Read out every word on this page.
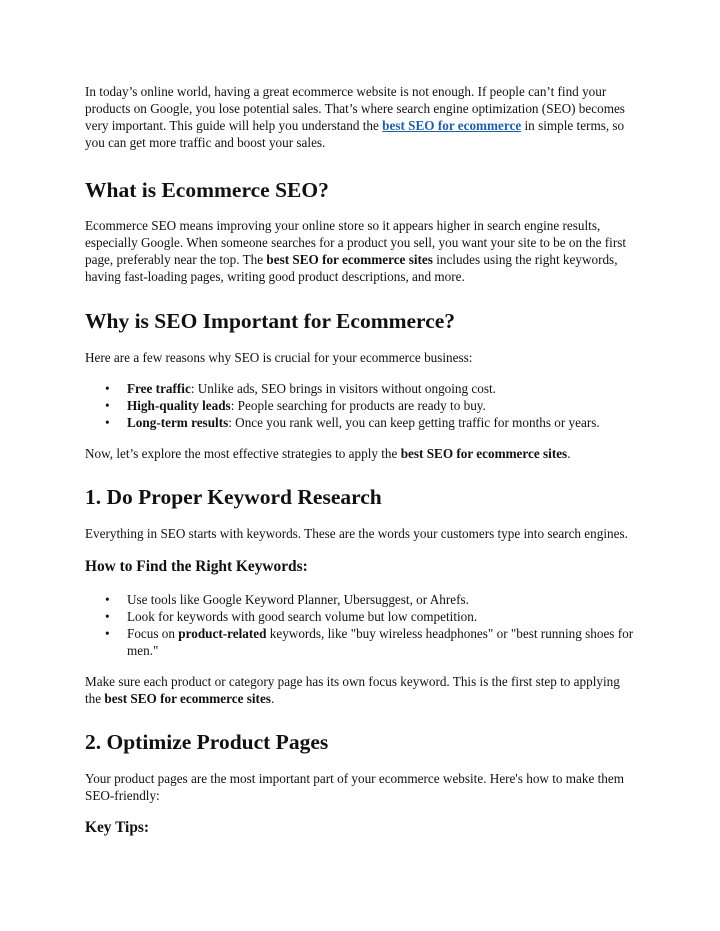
In today’s online world, having a great ecommerce website is not enough. If people can’t find your products on Google, you lose potential sales. That’s where search engine optimization (SEO) becomes very important. This guide will help you understand the best SEO for ecommerce in simple terms, so you can get more traffic and boost your sales.

What is Ecommerce SEO?

Ecommerce SEO means improving your online store so it appears higher in search engine results, especially Google. When someone searches for a product you sell, you want your site to be on the first page, preferably near the top. The best SEO for ecommerce sites includes using the right keywords, having fast-loading pages, writing good product descriptions, and more.

Why is SEO Important for Ecommerce?

Here are a few reasons why SEO is crucial for your ecommerce business:

• Free traffic: Unlike ads, SEO brings in visitors without ongoing cost.
• High-quality leads: People searching for products are ready to buy.
• Long-term results: Once you rank well, you can keep getting traffic for months or years.

Now, let’s explore the most effective strategies to apply the best SEO for ecommerce sites.

1. Do Proper Keyword Research

Everything in SEO starts with keywords. These are the words your customers type into search engines.

How to Find the Right Keywords:
• Use tools like Google Keyword Planner, Ubersuggest, or Ahrefs.
• Look for keywords with good search volume but low competition.
• Focus on product-related keywords, like "buy wireless headphones" or "best running shoes for men."

Make sure each product or category page has its own focus keyword. This is the first step to applying the best SEO for ecommerce sites.

2. Optimize Product Pages

Your product pages are the most important part of your ecommerce website. Here's how to make them SEO-friendly:

Key Tips:
